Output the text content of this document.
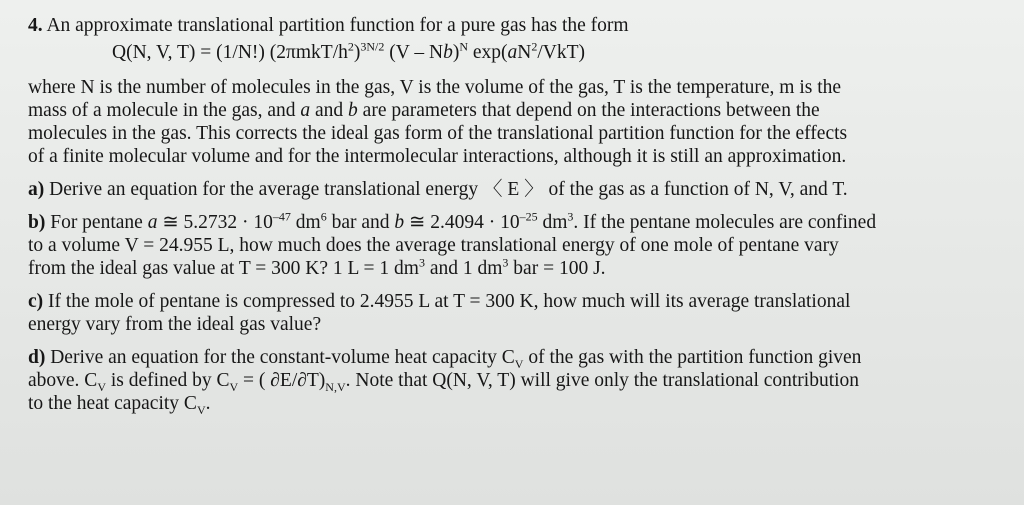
4. An approximate translational partition function for a pure gas has the form
Q(N, V, T) = (1/N!) $(2\pi mkT/h^2)^{3N/2}$ (V – Nb)$^N$ $\exp(aN^2/VkT)$
where N is the number of molecules in the gas, V is the volume of the gas, T is the temperature, m is the
mass of a molecule in the gas, and a and b are parameters that depend on the interactions between the
molecules in the gas. This corrects the ideal gas form of the translational partition function for the effects
of a finite molecular volume and for the intermolecular interactions, although it is still an approximation.
a) Derive an equation for the average translational energy 〈 E 〉 of the gas as a function of N, V, and T.
b) For pentane a ≅ $5.2732 \cdot 10^{-47}$ $dm^6$ bar and b ≅ $2.4094 \cdot 10^{-25}$ $dm^3$. If the pentane molecules are confined
to a volume V = 24.955 L, how much does the average translational energy of one mole of pentane vary
from the ideal gas value at T = 300 K? 1 L = 1 $dm^3$ and 1 $dm^3$ bar = 100 J.
c) If the mole of pentane is compressed to 2.4955 L at T = 300 K, how much will its average translational
energy vary from the ideal gas value?
d) Derive an equation for the constant-volume heat capacity $C_V$ of the gas with the partition function given
above. $C_V$ is defined by $C_V$ = ( $\partial E/\partial T)_{N,V}$. Note that Q(N, V, T) will give only the translational contribution
to the heat capacity $C_V$.
